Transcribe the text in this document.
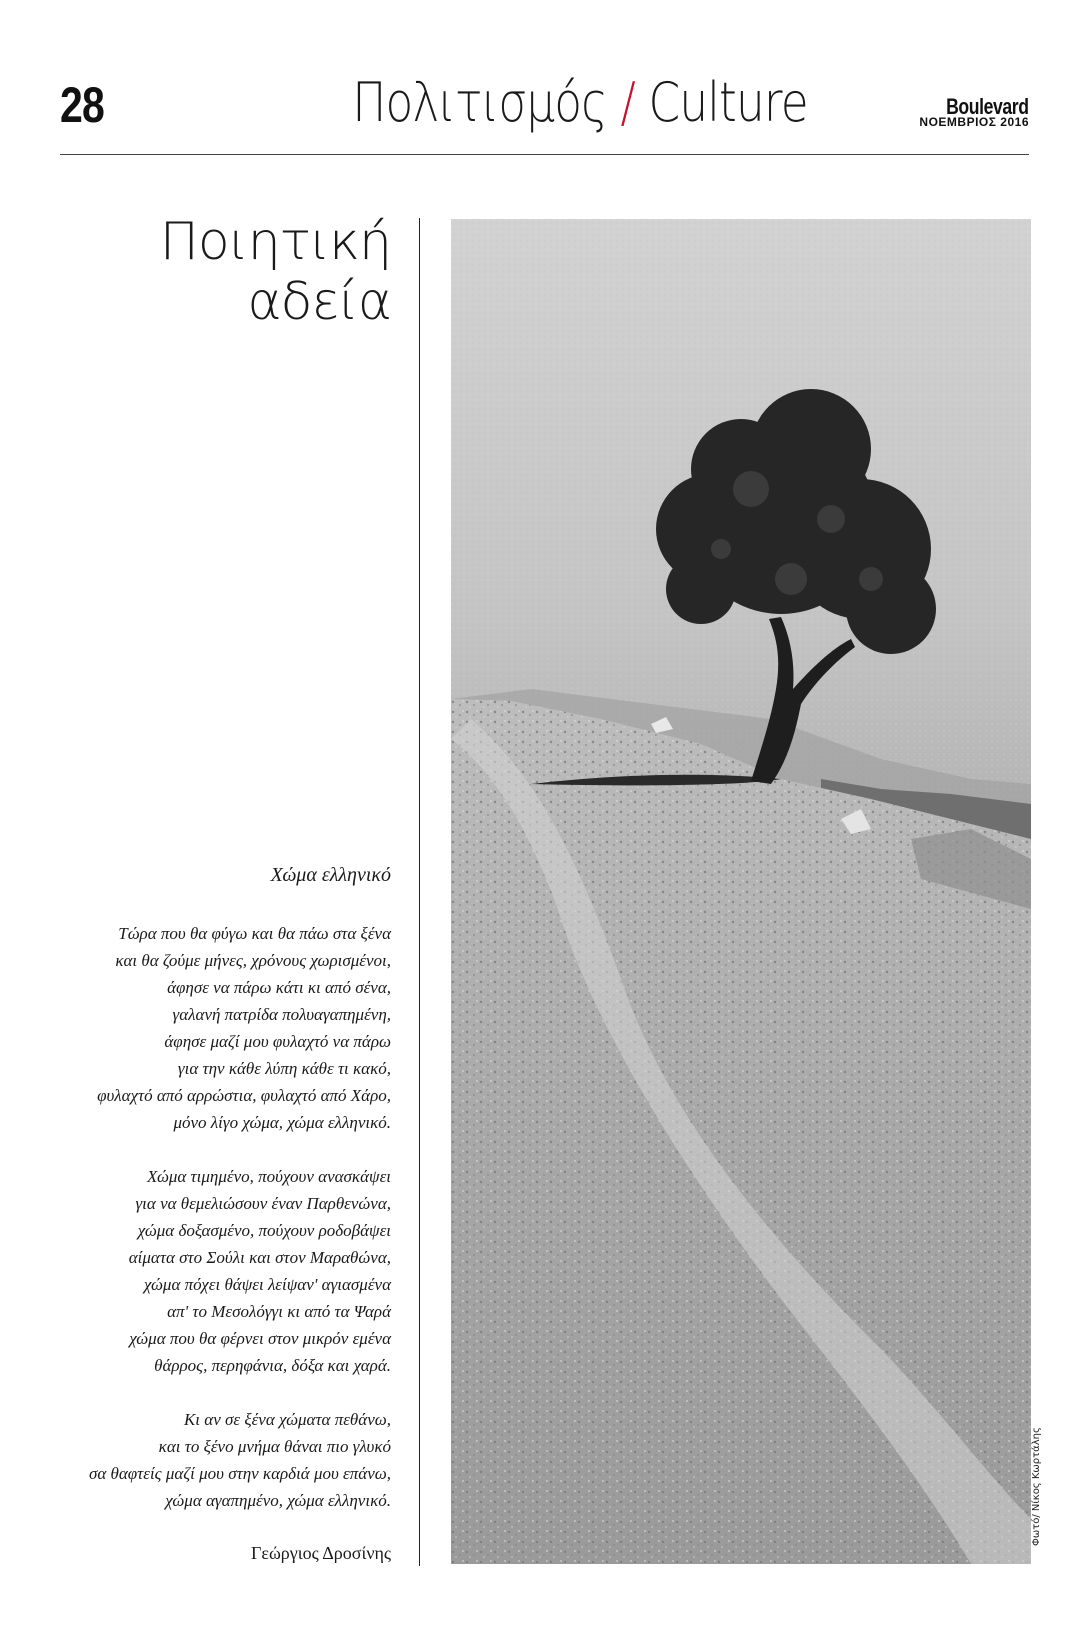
28	Πολιτισμός / Culture	Boulevard
ΝΟΕΜΒΡΙΟΣ 2016
Ποιητική
αδεία
Χώμα ελληνικό
Τώρα που θα φύγω και θα πάω στα ξένα
και θα ζούμε μήνες, χρόνους χωρισμένοι,
άφησε να πάρω κάτι κι από σένα,
γαλανή πατρίδα πολυαγαπημένη,
άφησε μαζί μου φυλαχτό να πάρω
για την κάθε λύπη κάθε τι κακό,
φυλαχτό από αρρώστια, φυλαχτό από Χάρο,
μόνο λίγο χώμα, χώμα ελληνικό.
Χώμα τιμημένο, πούχουν ανασκάψει
για να θεμελιώσουν έναν Παρθενώνα,
χώμα δοξασμένο, πούχουν ροδοβάψει
αίματα στο Σούλι και στον Μαραθώνα,
χώμα πόχει θάψει λείψαν' αγιασμένα
απ' το Μεσολόγγι κι από τα Ψαρά
χώμα που θα φέρνει στον μικρόν εμένα
θάρρος, περηφάνια, δόξα και χαρά.
Κι αν σε ξένα χώματα πεθάνω,
και το ξένο μνήμα θάναι πιο γλυκό
σα θαφτείς μαζί μου στην καρδιά μου επάνω,
χώμα αγαπημένο, χώμα ελληνικό.
Γεώργιος Δροσίνης
Φωτό/ Νίκος Κωρτάλης
